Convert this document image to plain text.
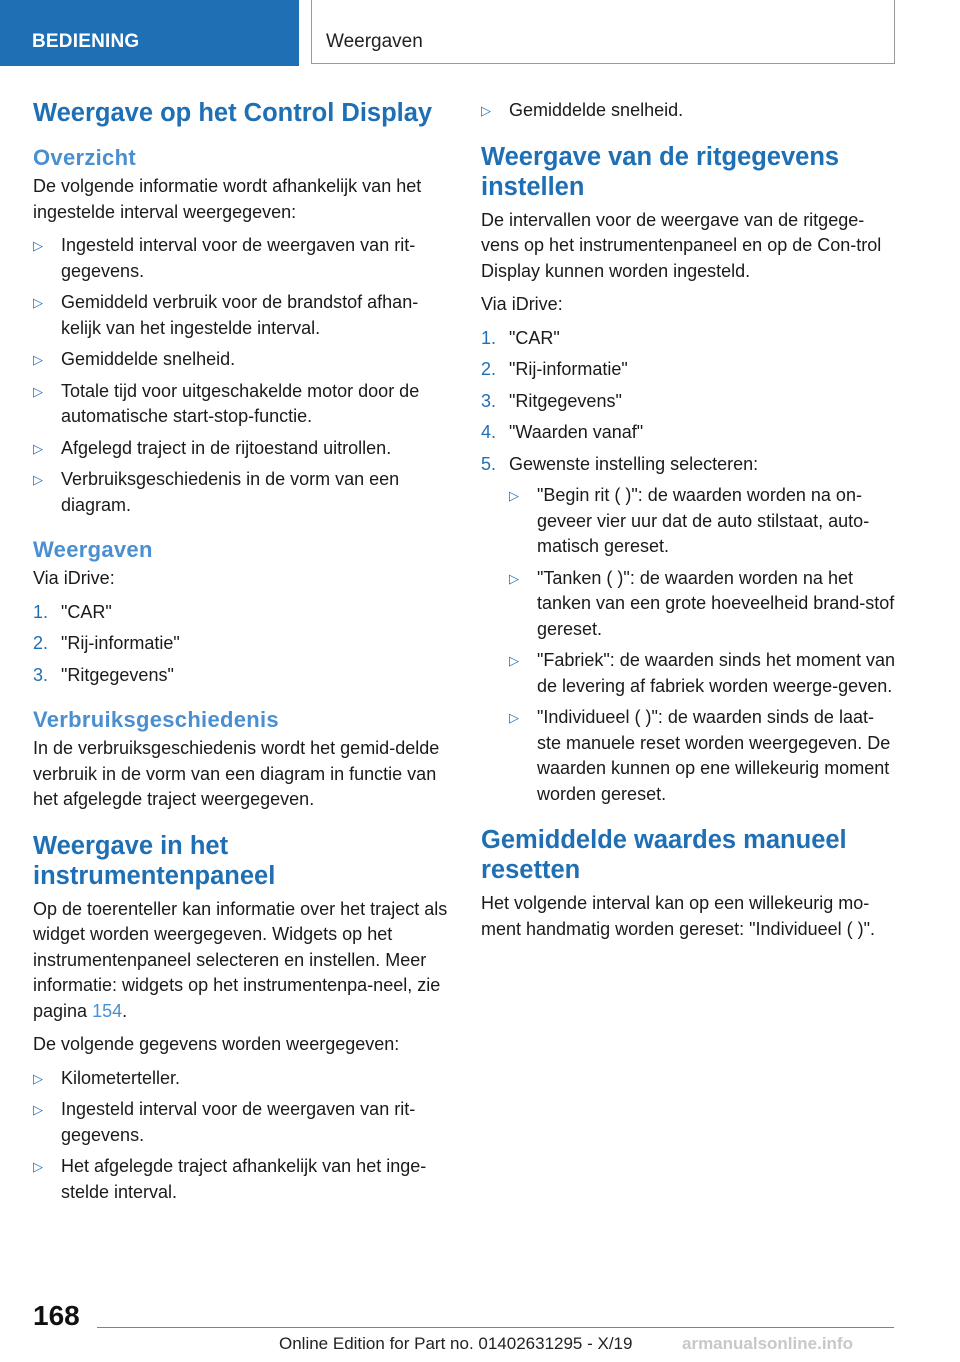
BEDIENING	Weergaven
Weergave op het Control Display
Overzicht

De volgende informatie wordt afhankelijk van het ingestelde interval weergegeven:

▷ Ingesteld interval voor de weergaven van rit-gegevens.
▷ Gemiddeld verbruik voor de brandstof afhan-kelijk van het ingestelde interval.
▷ Gemiddelde snelheid.
▷ Totale tijd voor uitgeschakelde motor door de automatische start-stop-functie.
▷ Afgelegd traject in de rijtoestand uitrollen.
▷ Verbruiksgeschiedenis in de vorm van een diagram.
Weergaven

Via iDrive:

1. "CAR"
2. "Rij-informatie"
3. "Ritgegevens"
Verbruiksgeschiedenis

In de verbruiksgeschiedenis wordt het gemid-delde verbruik in de vorm van een diagram in functie van het afgelegde traject weergegeven.

Weergave in het instrumentenpaneel

Op de toerenteller kan informatie over het traject als widget worden weergegeven. Widgets op het instrumentenpaneel selecteren en instellen. Meer informatie: widgets op het instrumentenpa-neel, zie pagina 154.

De volgende gegevens worden weergegeven:

▷ Kilometerteller.
▷ Ingesteld interval voor de weergaven van rit-gegevens.
▷ Het afgelegde traject afhankelijk van het inge-stelde interval.
▷ Gemiddelde snelheid.
Weergave van de ritgegevens instellen

De intervallen voor de weergave van de ritgege-vens op het instrumentenpaneel en op de Con-trol Display kunnen worden ingesteld.

Via iDrive:

1. "CAR"
2. "Rij-informatie"
3. "Ritgegevens"
4. "Waarden vanaf"
5. Gewenste instelling selecteren:
▷ "Begin rit ( )": de waarden worden na on-geveer vier uur dat de auto stilstaat, auto-matisch gereset.
▷ "Tanken ( )": de waarden worden na het tanken van een grote hoeveelheid brand-stof gereset.
▷ "Fabriek": de waarden sinds het moment van de levering af fabriek worden weerge-geven.
▷ "Individueel ( )": de waarden sinds de laat-ste manuele reset worden weergegeven. De waarden kunnen op ene willekeurig moment worden gereset.
Gemiddelde waardes manueel resetten

Het volgende interval kan op een willekeurig mo-ment handmatig worden gereset: "Individueel ( )".

168
Online Edition for Part no. 01402631295 - X/19	armanualsonline.info
